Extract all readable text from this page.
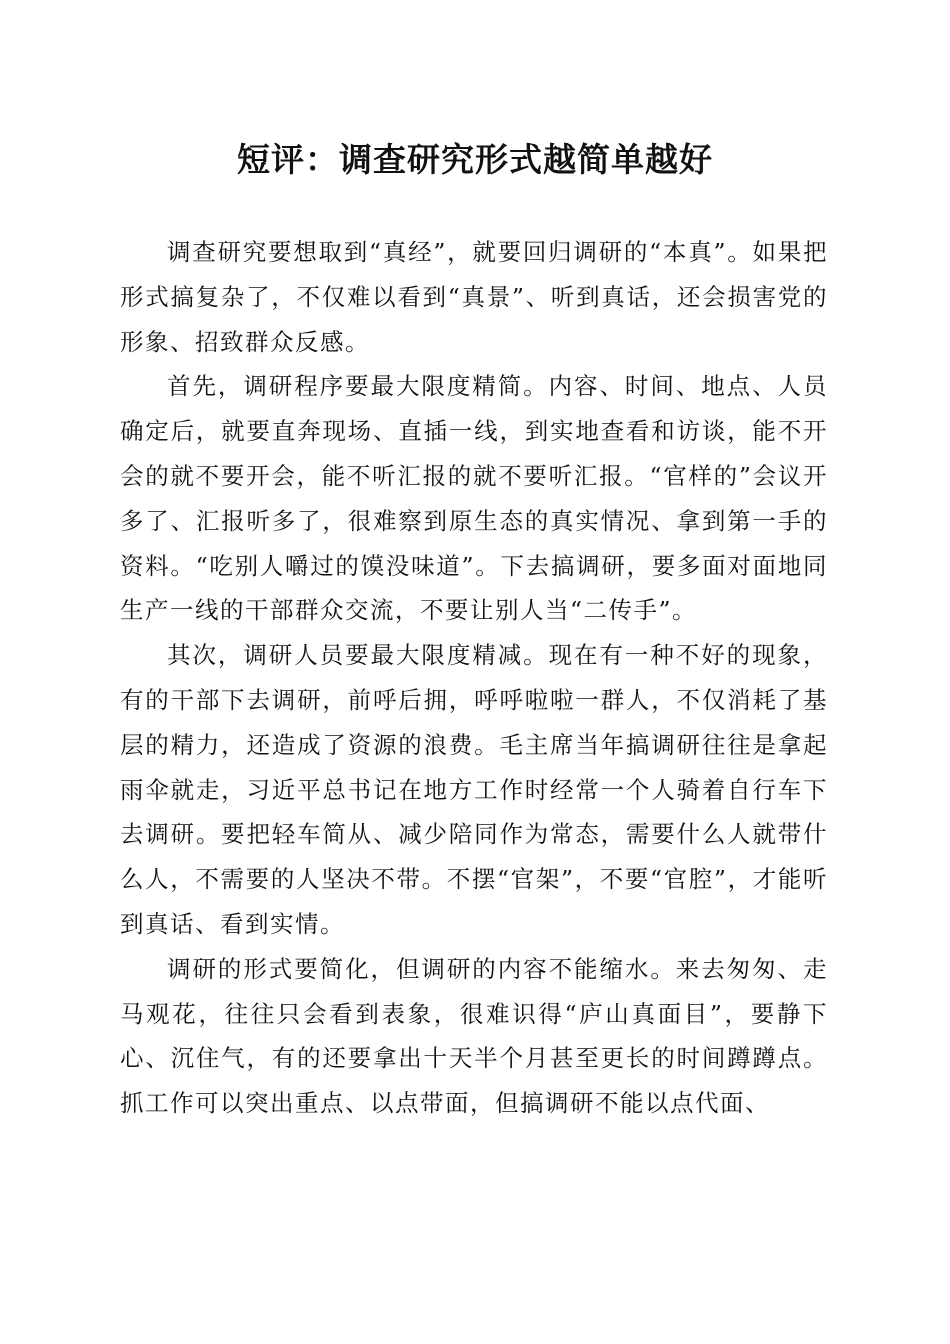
短评：调查研究形式越简单越好

调查研究要想取到“真经”，就要回归调研的“本真”。如果把形式搞复杂了，不仅难以看到“真景”、听到真话，还会损害党的形象、招致群众反感。

首先，调研程序要最大限度精简。内容、时间、地点、人员确定后，就要直奔现场、直插一线，到实地查看和访谈，能不开会的就不要开会，能不听汇报的就不要听汇报。“官样的”会议开多了、汇报听多了，很难察到原生态的真实情况、拿到第一手的资料。“吃别人嚼过的馍没味道”。下去搞调研，要多面对面地同生产一线的干部群众交流，不要让别人当“二传手”。

其次，调研人员要最大限度精减。现在有一种不好的现象，有的干部下去调研，前呼后拥，呼呼啦啦一群人，不仅消耗了基层的精力，还造成了资源的浪费。毛主席当年搞调研往往是拿起雨伞就走，习近平总书记在地方工作时经常一个人骑着自行车下去调研。要把轻车简从、减少陪同作为常态，需要什么人就带什么人，不需要的人坚决不带。不摆“官架”，不要“官腔”，才能听到真话、看到实情。

调研的形式要简化，但调研的内容不能缩水。来去匆匆、走马观花，往往只会看到表象，很难识得“庐山真面目”，要静下心、沉住气，有的还要拿出十天半个月甚至更长的时间蹲蹲点。抓工作可以突出重点、以点带面，但搞调研不能以点代面、
